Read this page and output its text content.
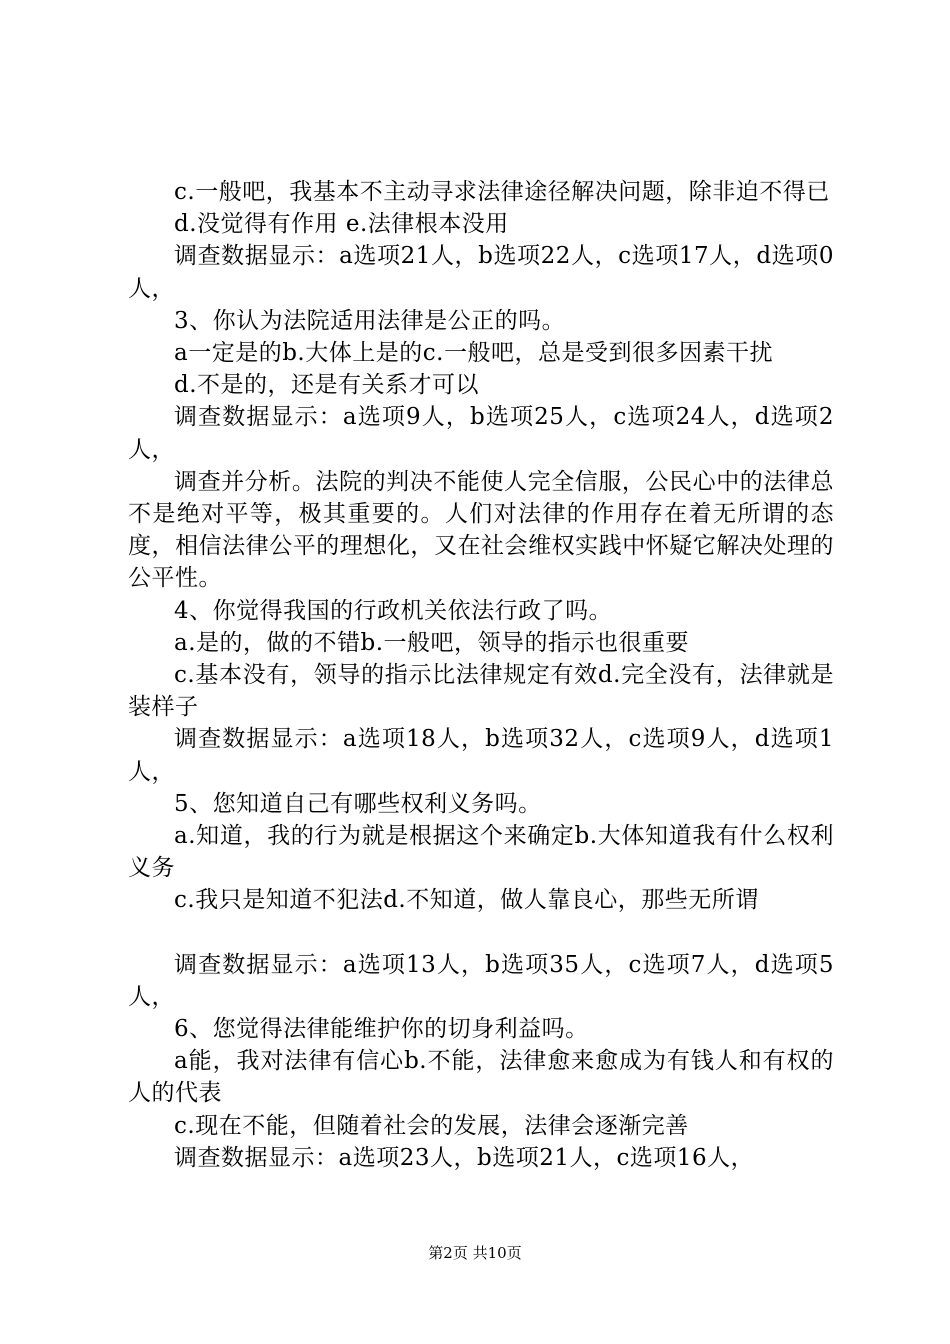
c.一般吧，我基本不主动寻求法律途径解决问题，除非迫不得已

d.没觉得有作用 e.法律根本没用

调查数据显示：a选项21人，b选项22人，c选项17人，d选项0人，

3、你认为法院适用法律是公正的吗。

a一定是的b.大体上是的c.一般吧，总是受到很多因素干扰

d.不是的，还是有关系才可以

调查数据显示：a选项9人，b选项25人，c选项24人，d选项2人，

调查并分析。法院的判决不能使人完全信服，公民心中的法律总不是绝对平等，极其重要的。人们对法律的作用存在着无所谓的态度，相信法律公平的理想化，又在社会维权实践中怀疑它解决处理的公平性。

4、你觉得我国的行政机关依法行政了吗。

a.是的，做的不错b.一般吧，领导的指示也很重要

c.基本没有，领导的指示比法律规定有效d.完全没有，法律就是装样子

调查数据显示：a选项18人，b选项32人，c选项9人，d选项1人，

5、您知道自己有哪些权利义务吗。

a.知道，我的行为就是根据这个来确定b.大体知道我有什么权利义务

c.我只是知道不犯法d.不知道，做人靠良心，那些无所谓

调查数据显示：a选项13人，b选项35人，c选项7人，d选项5人，

6、您觉得法律能维护你的切身利益吗。

a能，我对法律有信心b.不能，法律愈来愈成为有钱人和有权的人的代表

c.现在不能，但随着社会的发展，法律会逐渐完善

调查数据显示：a选项23人，b选项21人，c选项16人，

第2页 共10页
